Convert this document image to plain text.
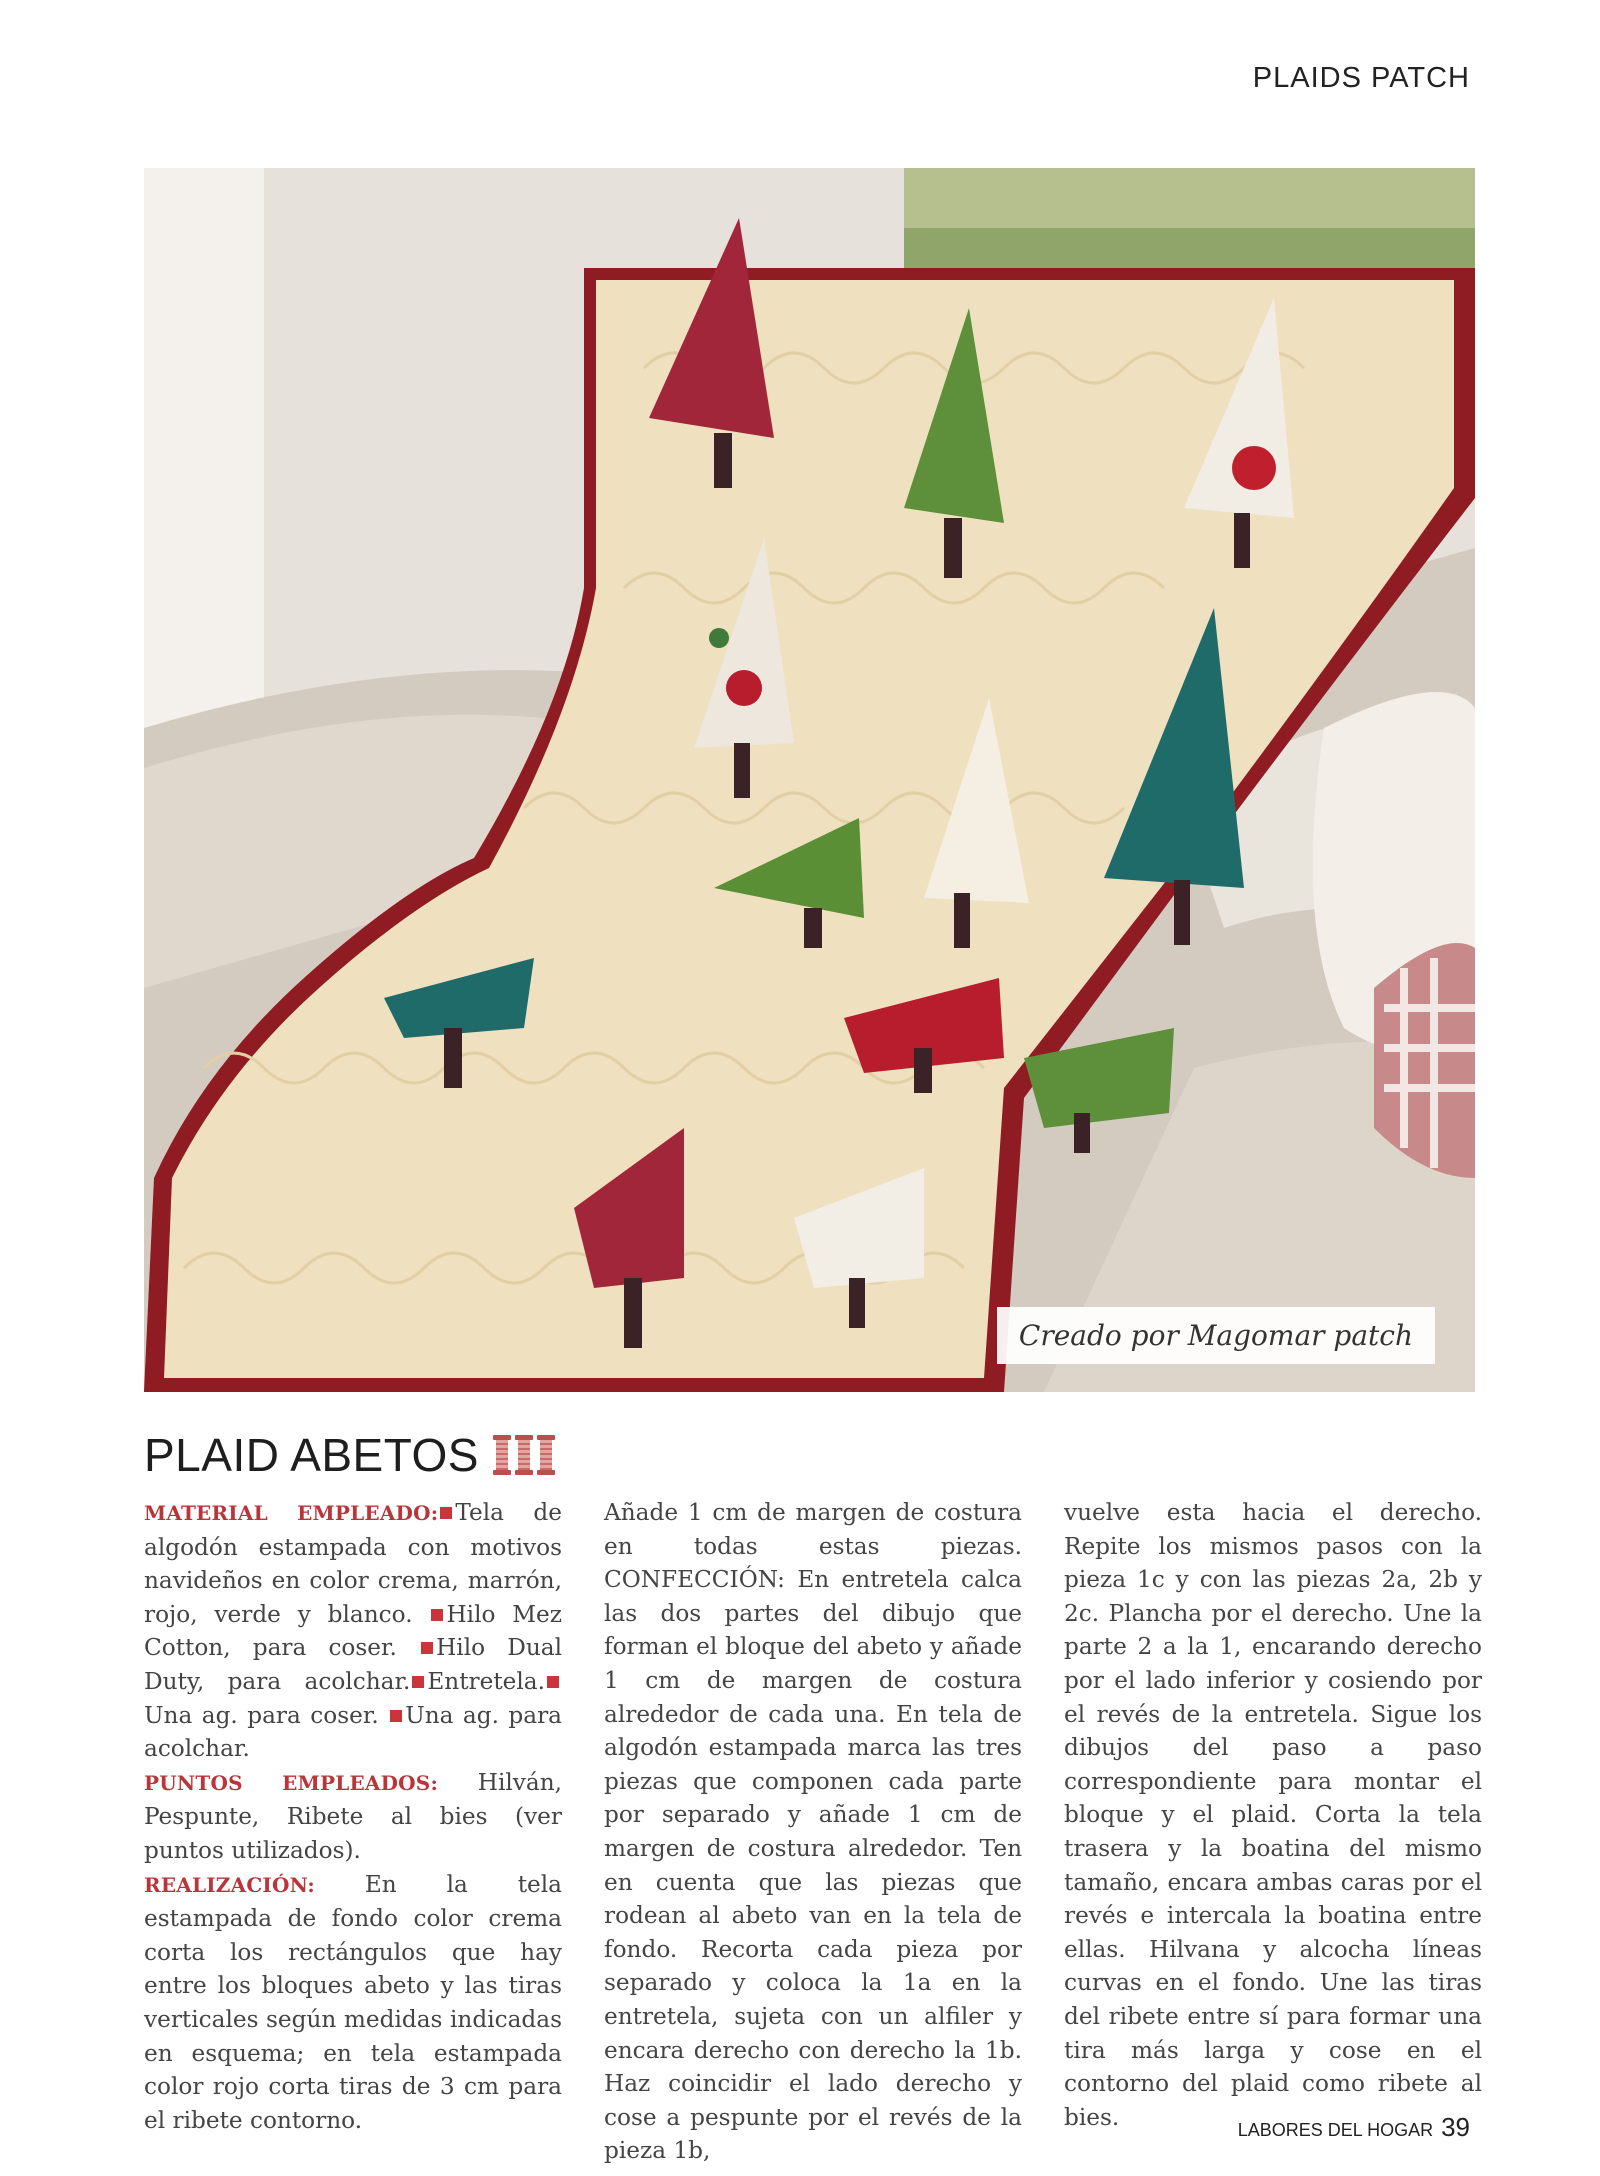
PLAIDS PATCH
Creado por Magomar patch
PLAID ABETOS
MATERIAL EMPLEADO: Tela de algodón estampada con motivos navideños en color crema, marrón, rojo, verde y blanco. Hilo Mez Cotton, para coser. Hilo Dual Duty, para acolchar. Entretela.Una ag. para coser. Una ag. para acolchar.
PUNTOS EMPLEADOS: Hilván, Pespunte, Ribete al bies (ver puntos utilizados).
REALIZACIÓN: En la tela estampada de fondo color crema corta los rectángulos que hay entre los bloques abeto y las tiras verticales según medidas indicadas en esquema; en tela estampada color rojo corta tiras de 3 cm para el ribete contorno.
Añade 1 cm de margen de costura en todas estas piezas. CONFECCIÓN: En entretela calca las dos partes del dibujo que forman el bloque del abeto y añade 1 cm de margen de costura alrededor de cada una. En tela de algodón estampada marca las tres piezas que componen cada parte por separado y añade 1 cm de margen de costura alrededor. Ten en cuenta que las piezas que rodean al abeto van en la tela de fondo. Recorta cada pieza por separado y coloca la 1a en la entretela, sujeta con un alfiler y encara derecho con derecho la 1b. Haz coincidir el lado derecho y cose a pespunte por el revés de la pieza 1b,
vuelve esta hacia el derecho. Repite los mismos pasos con la pieza 1c y con las piezas 2a, 2b y 2c. Plancha por el derecho. Une la parte 2 a la 1, encarando derecho por el lado inferior y cosiendo por el revés de la entretela. Sigue los dibujos del paso a paso correspondiente para montar el bloque y el plaid. Corta la tela trasera y la boatina del mismo tamaño, encara ambas caras por el revés e intercala la boatina entre ellas. Hilvana y alcocha líneas curvas en el fondo. Une las tiras del ribete entre sí para formar una tira más larga y cose en el contorno del plaid como ribete al bies.	LABORES DEL HOGAR 39
